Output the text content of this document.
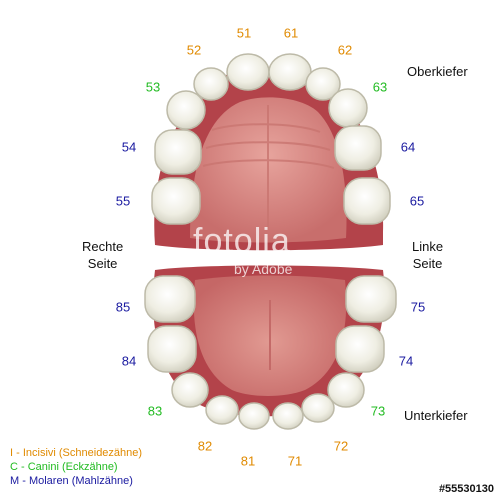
fotolia
by Adobe
51	61
52	62
53	63
54	64
55	65
85	75
84	74
83	73
82	72
81	71
Oberkiefer
Unterkiefer
Rechte
Seite
Linke
Seite
I - Incisivi (Schneidezähne)
C - Canini (Eckzähne)
M - Molaren (Mahlzähne)
#55530130
